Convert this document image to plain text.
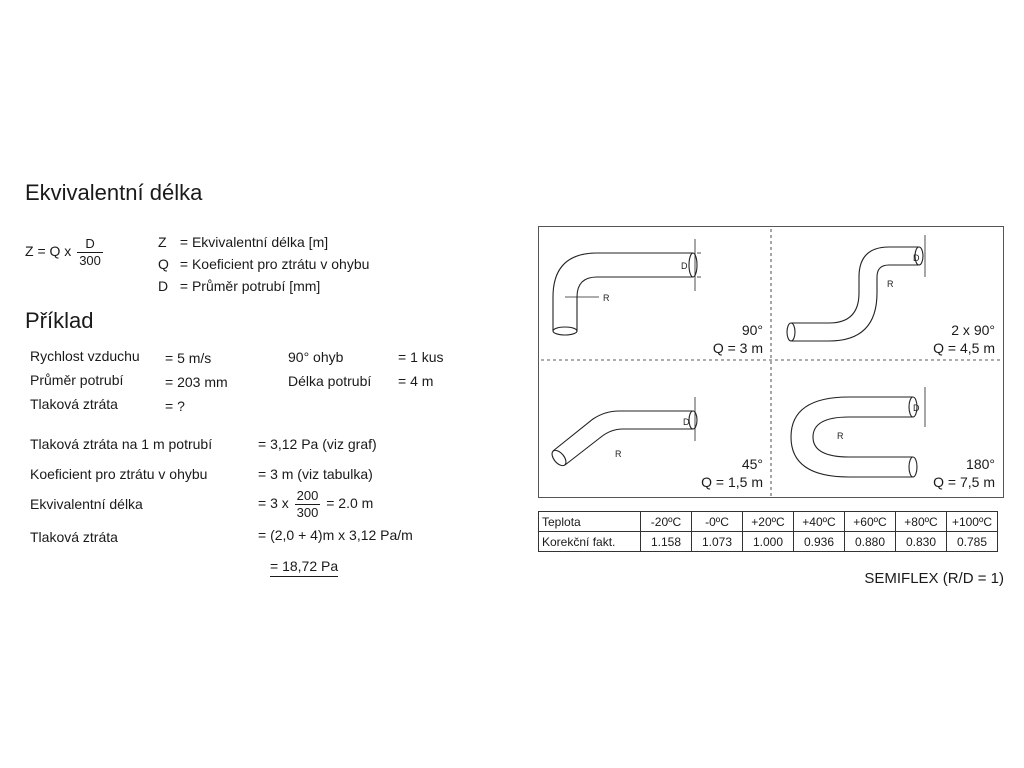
Ekvivalentní délka
Z = Q x $\frac{D}{300}$	Z = Ekvivalentní délka [m]
Q = Koeficient pro ztrátu v ohybu
D = Průměr potrubí [mm]
Příklad
Rychlost vzduchu = 5 m/s	90° ohyb	= 1 kus
Průměr potrubí	= 203 mm	Délka potrubí = 4 m
Tlaková ztráta	= ?
Tlaková ztráta na 1 m potrubí	= 3,12 Pa (viz graf)
Koeficient pro ztrátu v ohybu	= 3 m (viz tabulka)
Ekvivalentní délka	= 3 x $\frac{200}{300} = 2.0$ m
Tlaková ztráta	= (2,0 + 4)m x 3,12 Pa/m
= 18,72 Pa
D
R
D
R
D
R
D
R
90°
Q = 3 m
2 x 90°
Q = 4,5 m
45°
Q = 1,5 m
180°
Q = 7,5 m
Teplota	-20ºC	-0ºC	+20ºC	+40ºC	+60ºC	+80ºC	+100ºC
Korekční fakt.	1.158	1.073	1.000	0.936	0.880	0.830	0.785
SEMIFLEX (R/D = 1)
